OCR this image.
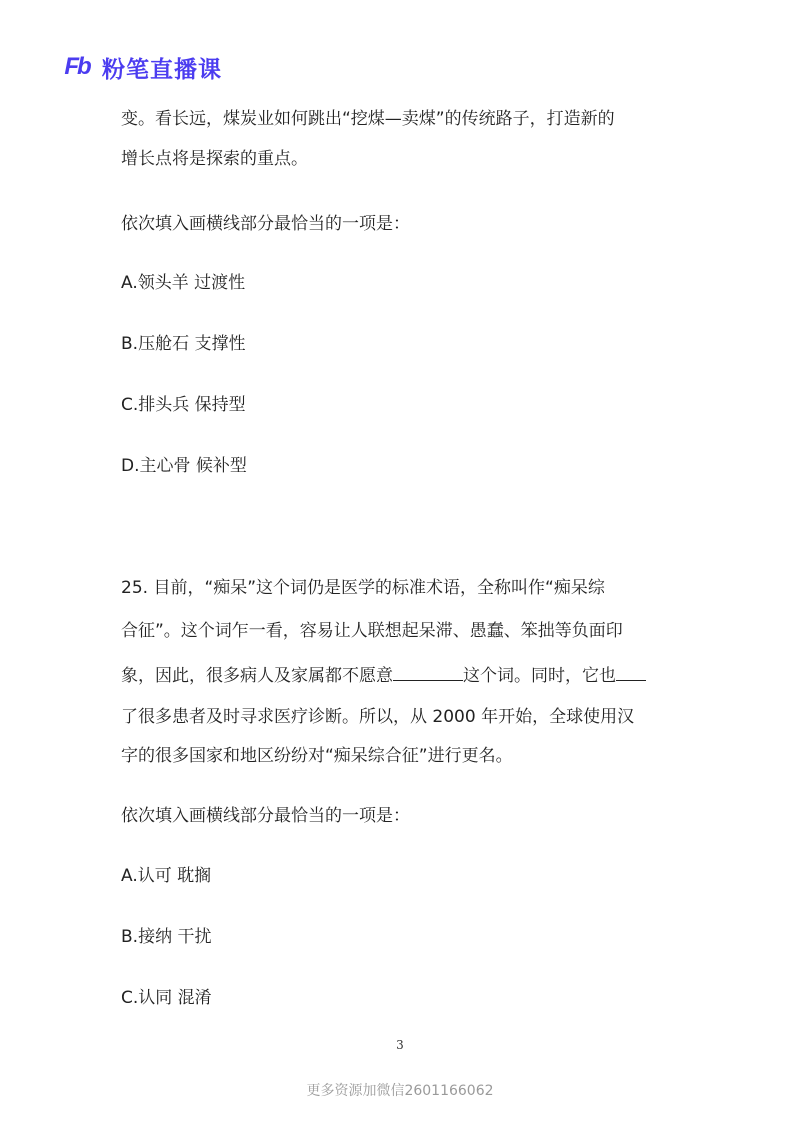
Fb 粉笔直播课
变。看长远，煤炭业如何跳出“挖煤—卖煤”的传统路子，打造新的
增长点将是探索的重点。
依次填入画横线部分最恰当的一项是：
A.领头羊 过渡性
B.压舱石 支撑性
C.排头兵 保持型
D.主心骨 候补型
25. 目前，“痴呆”这个词仍是医学的标准术语，全称叫作“痴呆综
合征”。这个词乍一看，容易让人联想起呆滞、愚蠢、笨拙等负面印
象，因此，很多病人及家属都不愿意	这个词。同时，它也
了很多患者及时寻求医疗诊断。所以，从 2000 年开始，全球使用汉
字的很多国家和地区纷纷对“痴呆综合征”进行更名。
依次填入画横线部分最恰当的一项是：
A.认可 耽搁
B.接纳 干扰
C.认同 混淆
3
更多资源加微信2601166062
